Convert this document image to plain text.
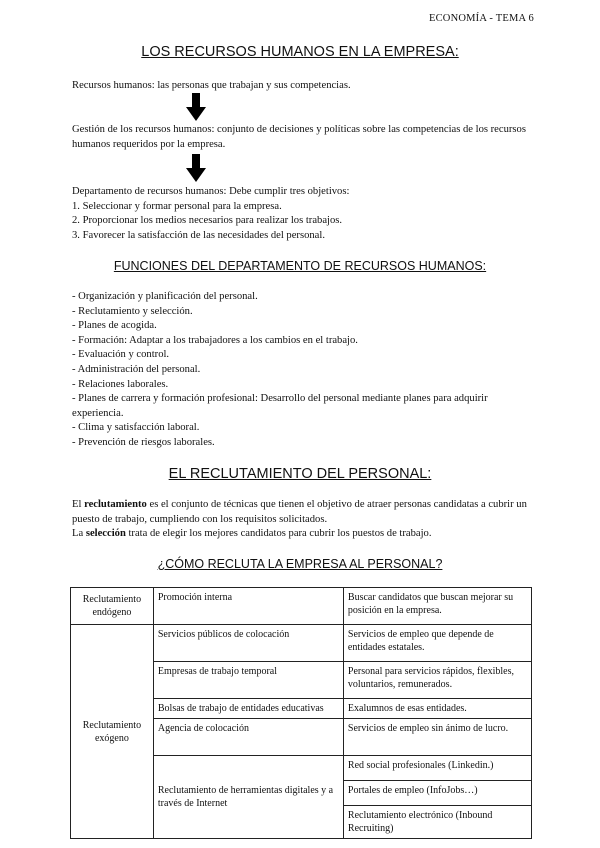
ECONOMÍA - TEMA 6
LOS RECURSOS HUMANOS EN LA EMPRESA:
Recursos humanos: las personas que trabajan y sus competencias.
Gestión de los recursos humanos: conjunto de decisiones y políticas sobre las competencias de los recursos humanos requeridos por la empresa.
Departamento de recursos humanos: Debe cumplir tres objetivos:
1. Seleccionar y formar personal para la empresa.
2. Proporcionar los medios necesarios para realizar los trabajos.
3. Favorecer la satisfacción de las necesidades del personal.
FUNCIONES DEL DEPARTAMENTO DE RECURSOS HUMANOS:
- Organización y planificación del personal.
- Reclutamiento y selección.
- Planes de acogida.
- Formación: Adaptar a los trabajadores a los cambios en el trabajo.
- Evaluación y control.
- Administración del personal.
- Relaciones laborales.
- Planes de carrera y formación profesional: Desarrollo del personal mediante planes para adquirir experiencia.
- Clima y satisfacción laboral.
- Prevención de riesgos laborales.
EL RECLUTAMIENTO DEL PERSONAL:
El reclutamiento es el conjunto de técnicas que tienen el objetivo de atraer personas candidatas a cubrir un puesto de trabajo, cumpliendo con los requisitos solicitados.
La selección trata de elegir los mejores candidatos para cubrir los puestos de trabajo.
¿CÓMO RECLUTA LA EMPRESA AL PERSONAL?
Reclutamiento endógeno	Promoción interna	Buscar candidatos que buscan mejorar su posición en la empresa.
Reclutamiento exógeno	Servicios públicos de colocación	Servicios de empleo que depende de entidades estatales.
	Empresas de trabajo temporal	Personal para servicios rápidos, flexibles, voluntarios, remunerados.
	Bolsas de trabajo de entidades educativas	Exalumnos de esas entidades.
	Agencia de colocación	Servicios de empleo sin ánimo de lucro.
	Reclutamiento de herramientas digitales y a través de Internet	Red social profesionales (Linkedin.)
		Portales de empleo (InfoJobs…)
		Reclutamiento electrónico (Inbound Recruiting)
